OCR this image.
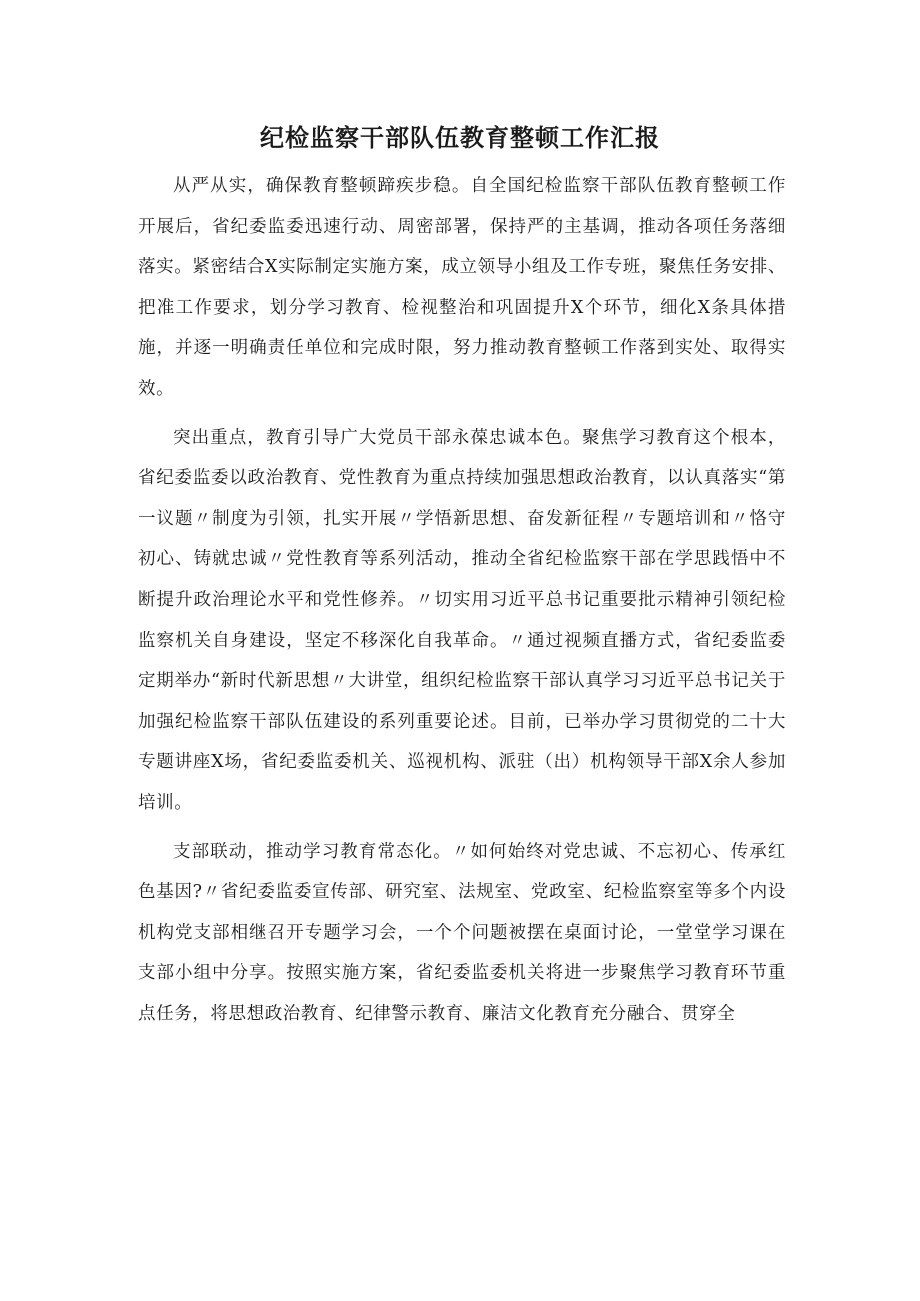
纪检监察干部队伍教育整顿工作汇报

从严从实，确保教育整顿蹄疾步稳。自全国纪检监察干部队伍教育整顿工作开展后，省纪委监委迅速行动、周密部署，保持严的主基调，推动各项任务落细落实。紧密结合X实际制定实施方案，成立领导小组及工作专班，聚焦任务安排、把准工作要求，划分学习教育、检视整治和巩固提升X个环节，细化X条具体措施，并逐一明确责任单位和完成时限，努力推动教育整顿工作落到实处、取得实效。

突出重点，教育引导广大党员干部永葆忠诚本色。聚焦学习教育这个根本，省纪委监委以政治教育、党性教育为重点持续加强思想政治教育，以认真落实“第一议题〃制度为引领，扎实开展〃学悟新思想、奋发新征程〃专题培训和〃恪守初心、铸就忠诚〃党性教育等系列活动，推动全省纪检监察干部在学思践悟中不断提升政治理论水平和党性修养。〃切实用习近平总书记重要批示精神引领纪检监察机关自身建设，坚定不移深化自我革命。〃通过视频直播方式，省纪委监委定期举办“新时代新思想〃大讲堂，组织纪检监察干部认真学习习近平总书记关于加强纪检监察干部队伍建设的系列重要论述。目前，已举办学习贯彻党的二十大专题讲座X场，省纪委监委机关、巡视机构、派驻（出）机构领导干部X余人参加培训。

支部联动，推动学习教育常态化。〃如何始终对党忠诚、不忘初心、传承红色基因?〃省纪委监委宣传部、研究室、法规室、党政室、纪检监察室等多个内设机构党支部相继召开专题学习会，一个个问题被摆在桌面讨论，一堂堂学习课在支部小组中分享。按照实施方案，省纪委监委机关将进一步聚焦学习教育环节重点任务，将思想政治教育、纪律警示教育、廉洁文化教育充分融合、贯穿全
